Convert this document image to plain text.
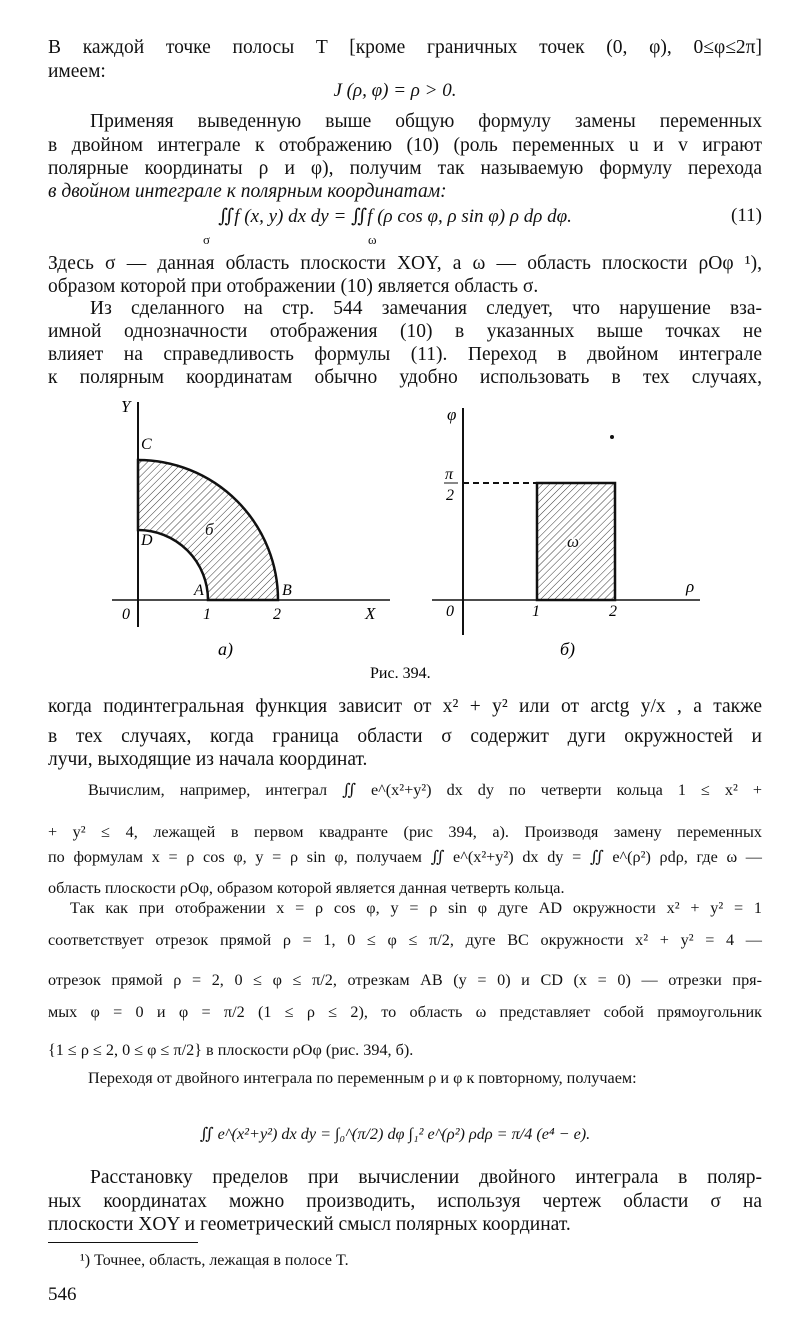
В каждой точке полосы T [кроме граничных точек (0, φ), 0≤φ≤2π]
имеем:
J (ρ, φ) = ρ > 0.
Применяя выведенную выше общую формулу замены переменных
в двойном интеграле к отображению (10) (роль переменных u и v играют
полярные координаты ρ и φ), получим так называемую формулу перехода
в двойном интеграле к полярным координатам:
∬f (x, y) dx dy = ∬f (ρ cos φ, ρ sin φ) ρ dρ dφ.
σ	ω
(11)
Здесь σ — данная область плоскости XOY, а ω — область плоскости ρOφ ¹),
образом которой при отображении (10) является область σ.
Из сделанного на стр. 544 замечания следует, что нарушение вза-
имной однозначности отображения (10) в указанных выше точках не
влияет на справедливость формулы (11). Переход в двойном интеграле
к полярным координатам обычно удобно использовать в тех случаях,
Y
X
0	1	2
C
D
A	B
б
а)
φ
ρ
0	1	2
π
2
ω
б)
Рис. 394.
когда подинтегральная функция зависит от x² + y² или от arctg y/x , а также
в тех случаях, когда граница области σ содержит дуги окружностей и
лучи, выходящие из начала координат.
Вычислим, например, интеграл ∬ e^(x²+y²) dx dy по четверти кольца 1 ≤ x² +
+ y² ≤ 4, лежащей в первом квадранте (рис 394, а). Производя замену переменных
по формулам x = ρ cos φ, y = ρ sin φ, получаем ∬ e^(x²+y²) dx dy = ∬ e^(ρ²) ρdρ, где ω —
область плоскости ρOφ, образом которой является данная четверть кольца.
Так как при отображении x = ρ cos φ, y = ρ sin φ дуге AD окружности x² + y² = 1
соответствует отрезок прямой ρ = 1, 0 ≤ φ ≤ π/2, дуге BC окружности x² + y² = 4 —
отрезок прямой ρ = 2, 0 ≤ φ ≤ π/2, отрезкам AB (y = 0) и CD (x = 0) — отрезки пря-
мых φ = 0 и φ = π/2 (1 ≤ ρ ≤ 2), то область ω представляет собой прямоугольник
{1 ≤ ρ ≤ 2, 0 ≤ φ ≤ π/2} в плоскости ρOφ (рис. 394, б).
Переходя от двойного интеграла по переменным ρ и φ к повторному, получаем:
∬ e^(x²+y²) dx dy = ∫₀^(π/2) dφ ∫₁² e^(ρ²) ρdρ = π/4 (e⁴ − e).
Расстановку пределов при вычислении двойного интеграла в поляр-
ных координатах можно производить, используя чертеж области σ на
плоскости XOY и геометрический смысл полярных координат.
¹) Точнее, область, лежащая в полосе T.
546
